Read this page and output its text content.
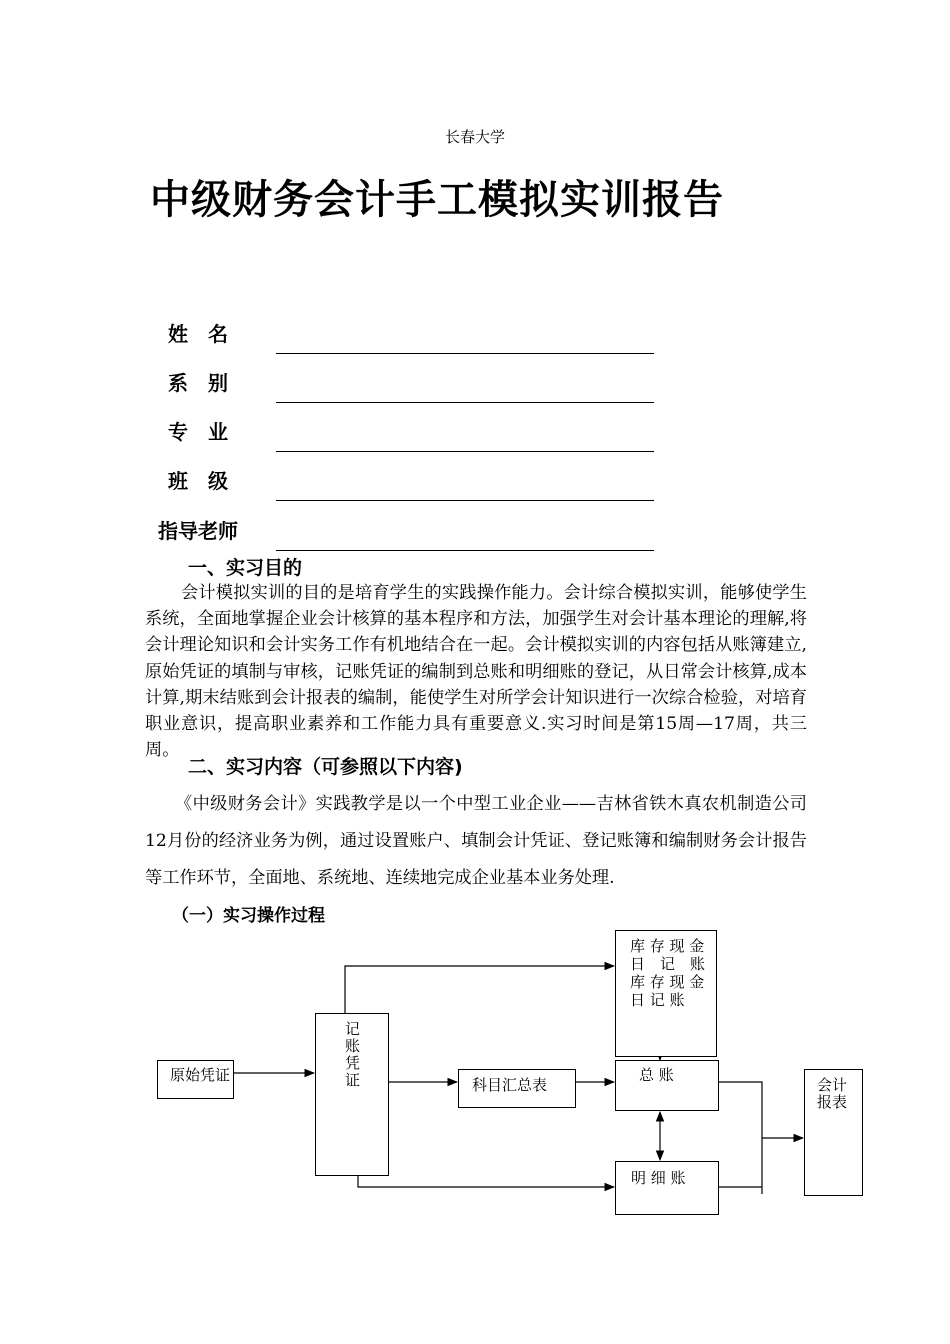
长春大学
中级财务会计手工模拟实训报告
姓　名
系　别
专　业
班　级
指导老师
一、实习目的
会计模拟实训的目的是培育学生的实践操作能力。会计综合模拟实训，能够使学生系统，全面地掌握企业会计核算的基本程序和方法，加强学生对会计基本理论的理解,将会计理论知识和会计实务工作有机地结合在一起。会计模拟实训的内容包括从账簿建立,原始凭证的填制与审核，记账凭证的编制到总账和明细账的登记，从日常会计核算,成本计算,期末结账到会计报表的编制，能使学生对所学会计知识进行一次综合检验，对培育职业意识，提高职业素养和工作能力具有重要意义.实习时间是第15周—17周，共三周。
二、实习内容（可参照以下内容)
《中级财务会计》实践教学是以一个中型工业企业——吉林省铁木真农机制造公司12月份的经济业务为例，通过设置账户、填制会计凭证、登记账簿和编制财务会计报告等工作环节，全面地、系统地、连续地完成企业基本业务处理.
（一）实习操作过程
原始凭证
记
账
凭
证	科目汇总表
库 存 现 金
日　记　账
库 存 现 金
日 记 账
总 账
明 细 账
会计
报表
